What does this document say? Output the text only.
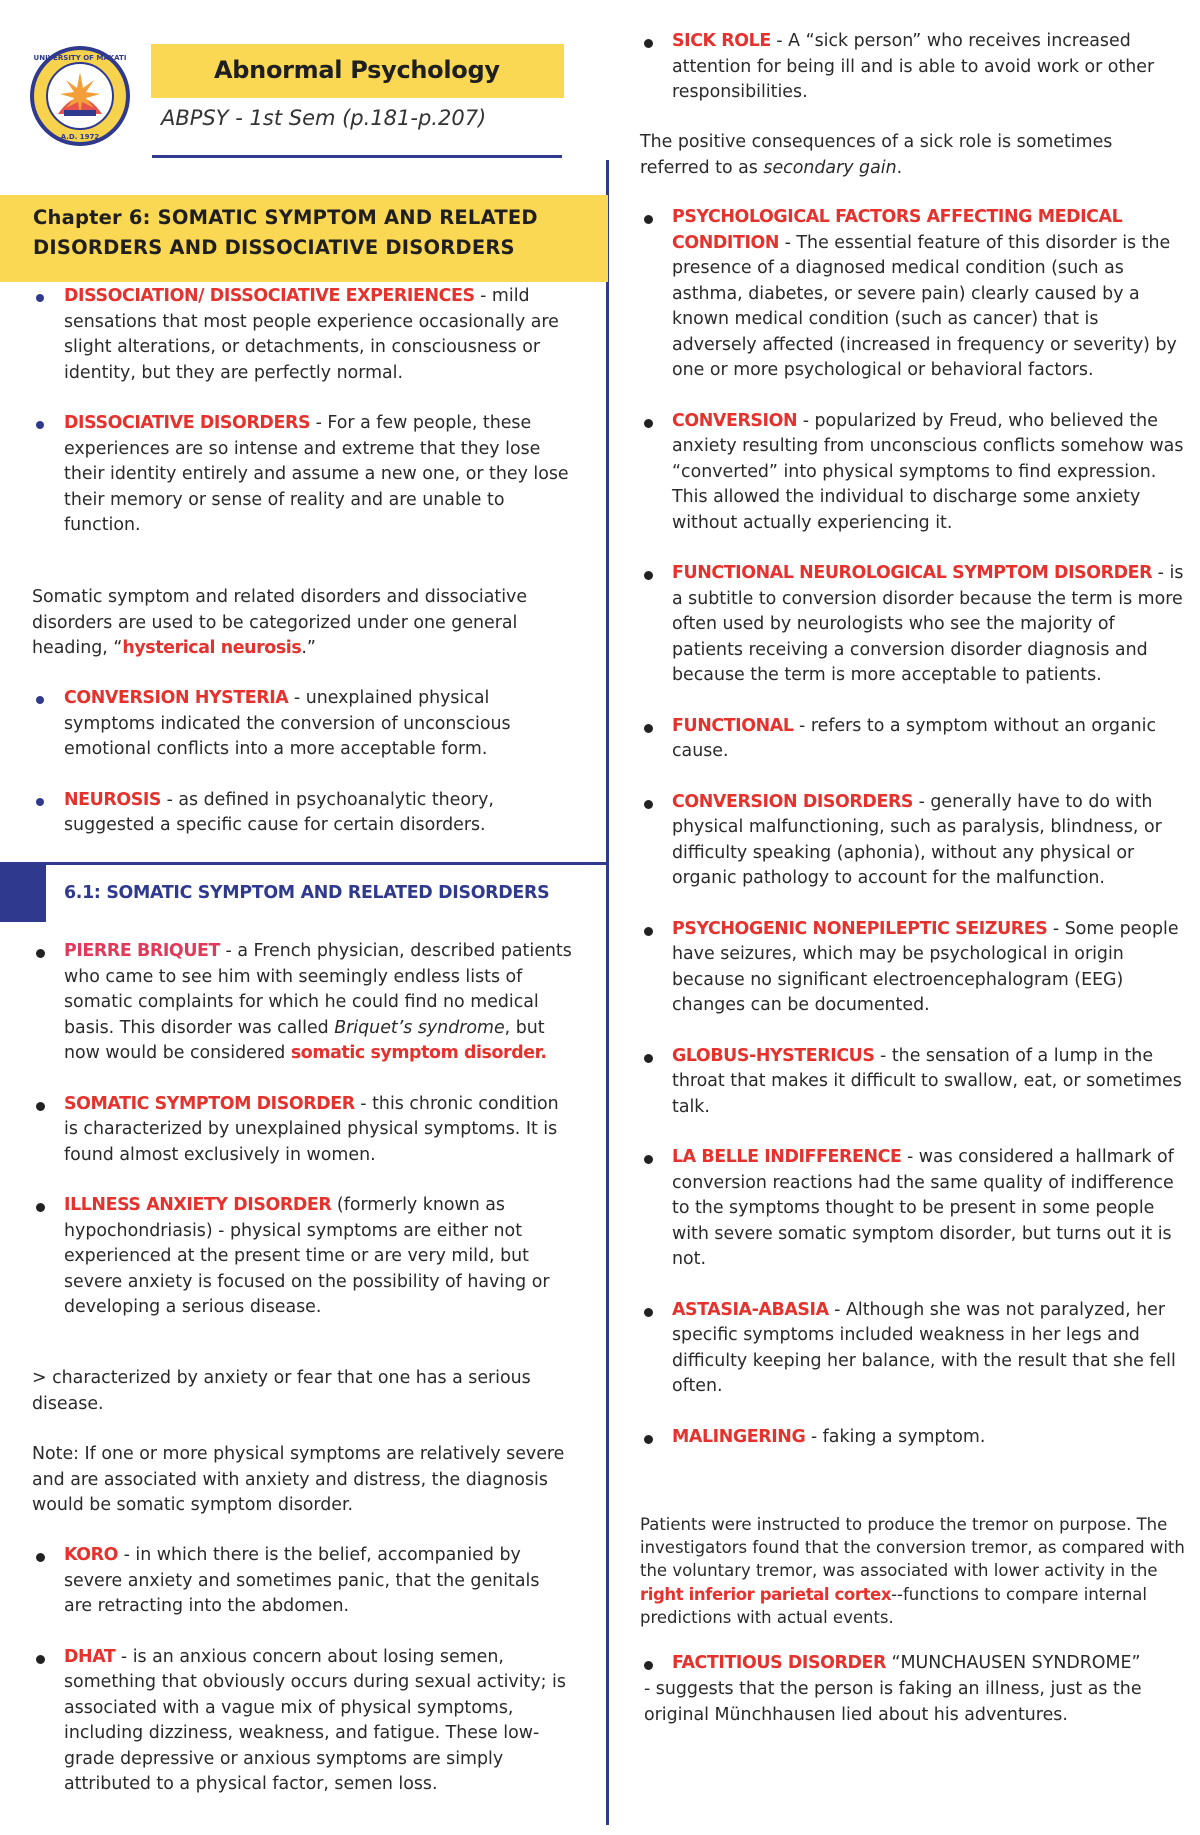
UNIVERSITY OF MAKATI
A.D. 1972
Abnormal Psychology
ABPSY - 1st Sem (p.181-p.207)
Chapter 6: SOMATIC SYMPTOM AND RELATED
DISORDERS AND DISSOCIATIVE DISORDERS
DISSOCIATION/ DISSOCIATIVE EXPERIENCES - mild sensations that most people experience occasionally are slight alterations, or detachments, in consciousness or identity, but they are perfectly normal.
DISSOCIATIVE DISORDERS - For a few people, these experiences are so intense and extreme that they lose their identity entirely and assume a new one, or they lose their memory or sense of reality and are unable to function.

Somatic symptom and related disorders and dissociative disorders are used to be categorized under one general heading, “hysterical neurosis.”

CONVERSION HYSTERIA - unexplained physical symptoms indicated the conversion of unconscious emotional conflicts into a more acceptable form.
NEUROSIS - as defined in psychoanalytic theory, suggested a specific cause for certain disorders.
6.1: SOMATIC SYMPTOM AND RELATED DISORDERS
PIERRE BRIQUET - a French physician, described patients who came to see him with seemingly endless lists of somatic complaints for which he could find no medical basis. This disorder was called Briquet’s syndrome, but now would be considered somatic symptom disorder.
SOMATIC SYMPTOM DISORDER - this chronic condition is characterized by unexplained physical symptoms. It is found almost exclusively in women.
ILLNESS ANXIETY DISORDER (formerly known as hypochondriasis) - physical symptoms are either not experienced at the present time or are very mild, but severe anxiety is focused on the possibility of having or developing a serious disease.

> characterized by anxiety or fear that one has a serious disease.

Note: If one or more physical symptoms are relatively severe and are associated with anxiety and distress, the diagnosis would be somatic symptom disorder.

KORO - in which there is the belief, accompanied by severe anxiety and sometimes panic, that the genitals are retracting into the abdomen.
DHAT - is an anxious concern about losing semen, something that obviously occurs during sexual activity; is associated with a vague mix of physical symptoms, including dizziness, weakness, and fatigue. These low-grade depressive or anxious symptoms are simply attributed to a physical factor, semen loss.
SICK ROLE - A “sick person” who receives increased attention for being ill and is able to avoid work or other responsibilities.

The positive consequences of a sick role is sometimes referred to as secondary gain.

PSYCHOLOGICAL FACTORS AFFECTING MEDICAL CONDITION - The essential feature of this disorder is the presence of a diagnosed medical condition (such as asthma, diabetes, or severe pain) clearly caused by a known medical condition (such as cancer) that is adversely affected (increased in frequency or severity) by one or more psychological or behavioral factors.
CONVERSION - popularized by Freud, who believed the anxiety resulting from unconscious conflicts somehow was “converted” into physical symptoms to find expression. This allowed the individual to discharge some anxiety without actually experiencing it.
FUNCTIONAL NEUROLOGICAL SYMPTOM DISORDER - is a subtitle to conversion disorder because the term is more often used by neurologists who see the majority of patients receiving a conversion disorder diagnosis and because the term is more acceptable to patients.
FUNCTIONAL - refers to a symptom without an organic cause.
CONVERSION DISORDERS - generally have to do with physical malfunctioning, such as paralysis, blindness, or difficulty speaking (aphonia), without any physical or organic pathology to account for the malfunction.
PSYCHOGENIC NONEPILEPTIC SEIZURES - Some people have seizures, which may be psychological in origin because no significant electroencephalogram (EEG) changes can be documented.
GLOBUS-HYSTERICUS - the sensation of a lump in the throat that makes it difficult to swallow, eat, or sometimes talk.
LA BELLE INDIFFERENCE - was considered a hallmark of conversion reactions had the same quality of indifference to the symptoms thought to be present in some people with severe somatic symptom disorder, but turns out it is not.
ASTASIA-ABASIA - Although she was not paralyzed, her specific symptoms included weakness in her legs and difficulty keeping her balance, with the result that she fell often.
MALINGERING - faking a symptom.

Patients were instructed to produce the tremor on purpose. The investigators found that the conversion tremor, as compared with the voluntary tremor, was associated with lower activity in the right inferior parietal cortex--functions to compare internal predictions with actual events.

FACTITIOUS DISORDER “MUNCHAUSEN SYNDROME”

- suggests that the person is faking an illness, just as the original Münchhausen lied about his adventures.
